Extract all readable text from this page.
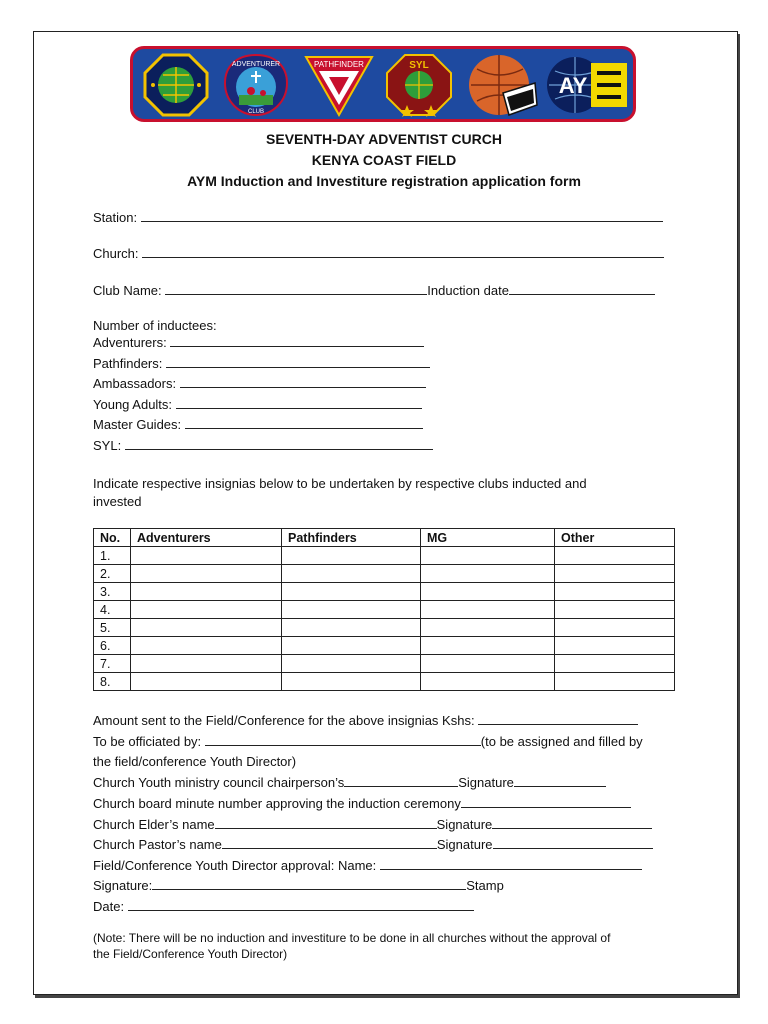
ADVENTURER
CLUB
PATHFINDER	SYL
AY
SEVENTH-DAY ADVENTIST CURCH
KENYA COAST FIELD
AYM Induction and Investiture registration application form
Station:
Church:
Club Name:	Induction date
Number of inductees:
Adventurers:
Pathfinders:
Ambassadors:
Young Adults:
Master Guides:
SYL:
Indicate respective insignias below to be undertaken by respective clubs inducted and
invested
No.	Adventurers	Pathfinders	MG	Other
1.				
2.				
3.				
4.				
5.				
6.				
7.				
8.				
Amount sent to the Field/Conference for the above insignias Kshs:
To be officiated by:	(to be assigned and filled by
the field/conference Youth Director)
Church Youth ministry council chairperson’s	Signature
Church board minute number approving the induction ceremony
Church Elder’s name	Signature
Church Pastor’s name	Signature
Field/Conference Youth Director approval: Name:
Signature:	Stamp
Date:
(Note: There will be no induction and investiture to be done in all churches without the approval of
the Field/Conference Youth Director)
